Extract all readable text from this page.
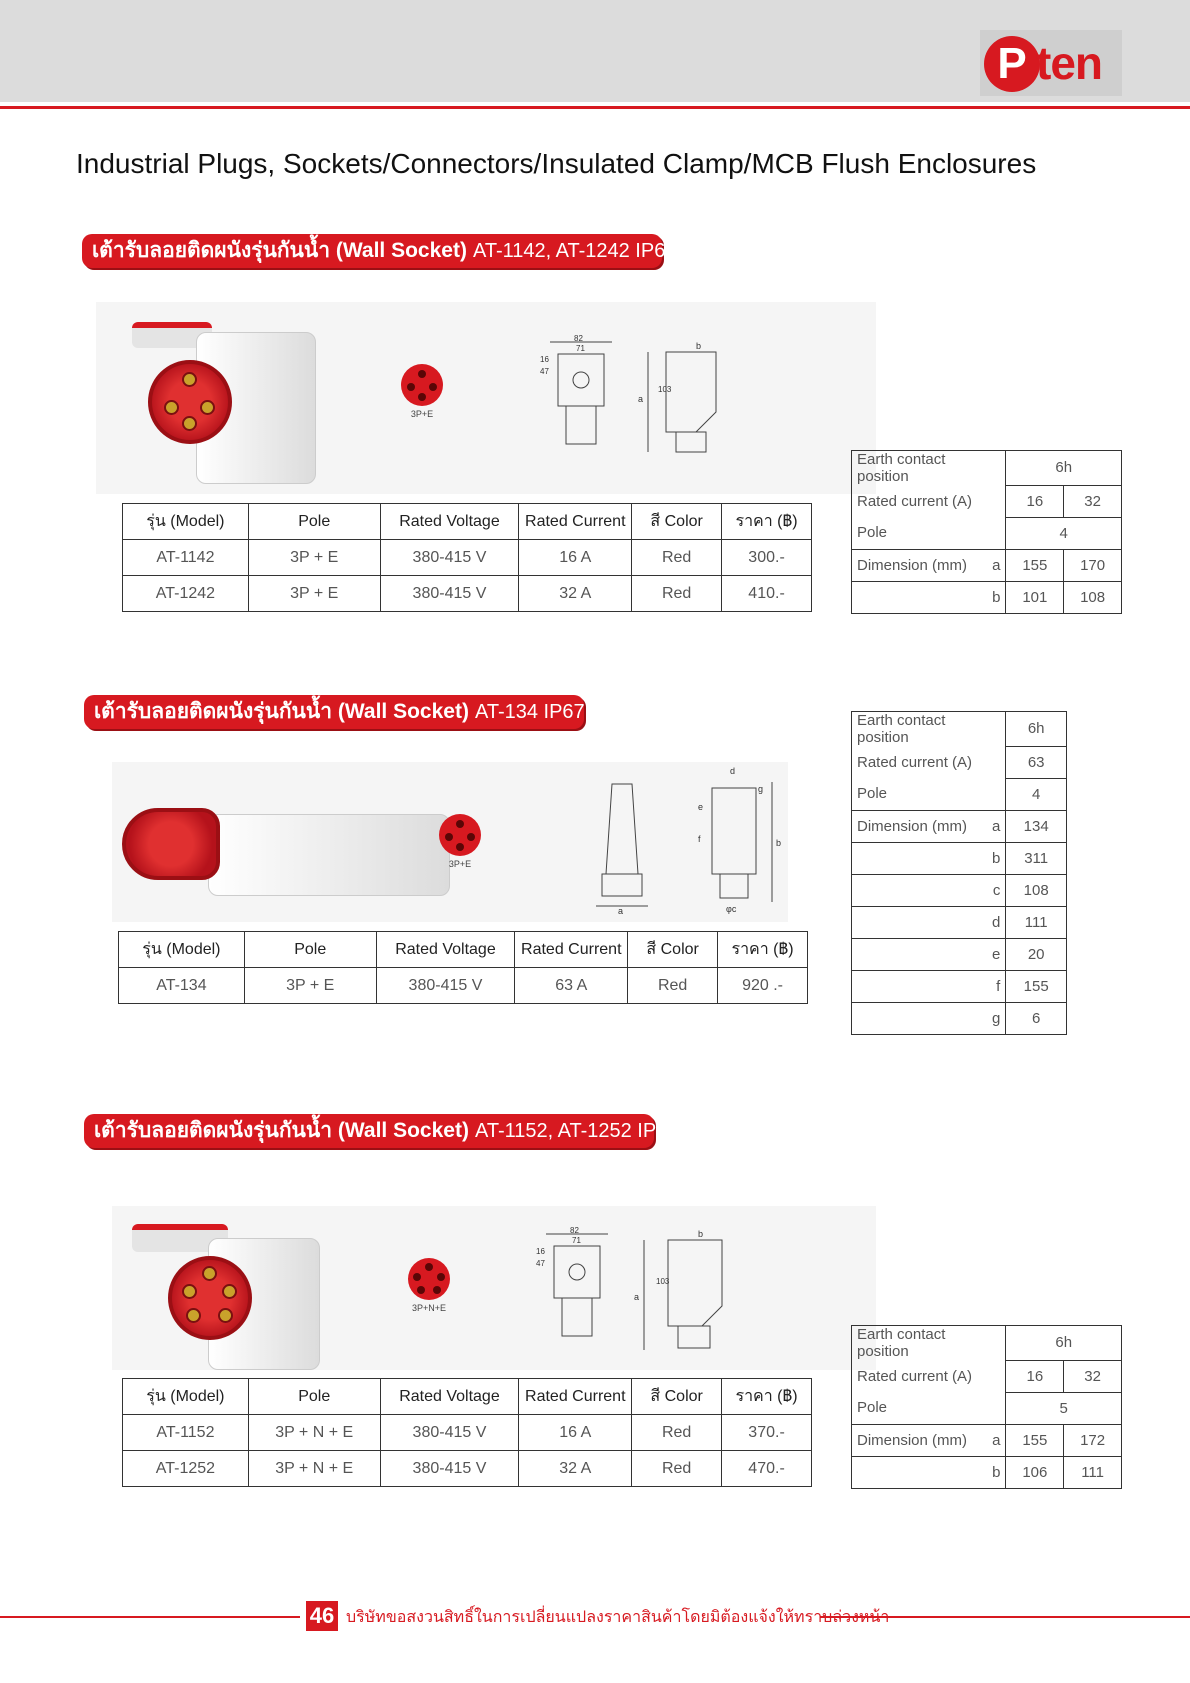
P ten
Industrial Plugs, Sockets/Connectors/Insulated Clamp/MCB Flush Enclosures
เต้ารับลอยติดผนังรุ่นกันน้ำ (Wall Socket) AT-1142, AT-1242 IP67
3P+E
82
71
47
16
a
103
b
รุ่น (Model)	Pole	Rated Voltage	Rated Current	สี Color	ราคา (฿)
AT-1142	3P + E	380-415 V	16 A	Red	300.-
AT-1242	3P + E	380-415 V	32 A	Red	410.-
Earth contact position	6h	
Rated current (A)	16	32
Pole	4	
Dimension (mm) a	155	170
b	101	108
เต้ารับลอยติดผนังรุ่นกันน้ำ (Wall Socket) AT-134 IP67
3P+E
a
d
b
e
f
g
φc
รุ่น (Model)	Pole	Rated Voltage	Rated Current	สี Color	ราคา (฿)
AT-134	3P + E	380-415 V	63 A	Red	920 .-
Earth contact position	6h
Rated current (A)	63
Pole	4
Dimension (mm) a	134
b	311
c	108
d	111
e	20
f	155
g	6
เต้ารับลอยติดผนังรุ่นกันน้ำ (Wall Socket) AT-1152, AT-1252 IP67
3P+N+E
82
71
47
16
a
103
b
รุ่น (Model)	Pole	Rated Voltage	Rated Current	สี Color	ราคา (฿)
AT-1152	3P + N + E	380-415 V	16 A	Red	370.-
AT-1252	3P + N + E	380-415 V	32 A	Red	470.-
Earth contact position	6h	
Rated current (A)	16	32
Pole	5	
Dimension (mm) a	155	172
b	106	111
46 บริษัทขอสงวนสิทธิ์ในการเปลี่ยนแปลงราคาสินค้าโดยมิต้องแจ้งให้ทราบล่วงหน้า
